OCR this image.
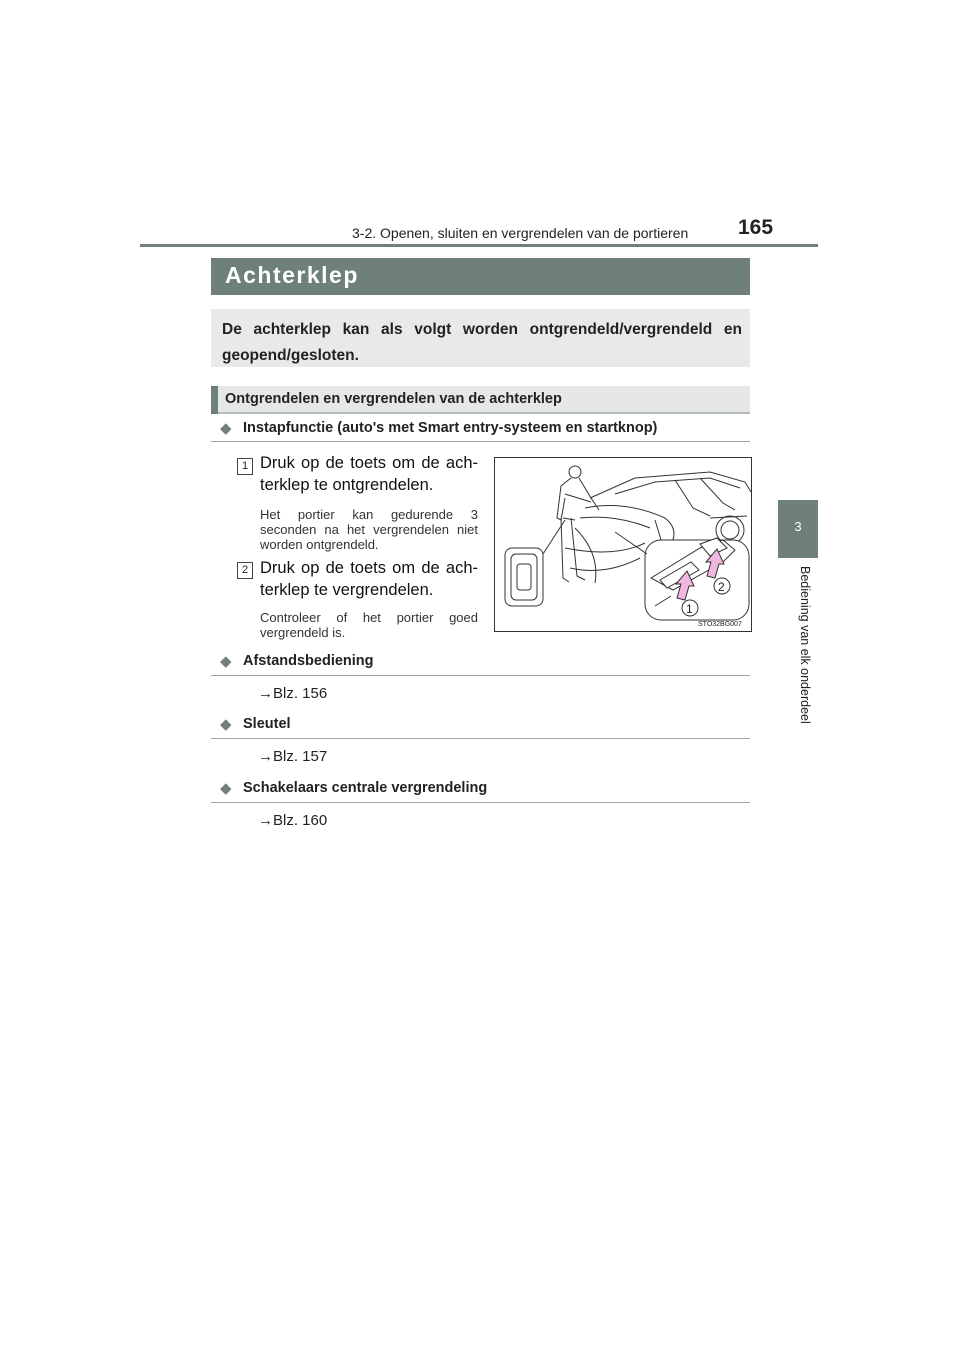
3-2. Openen, sluiten en vergrendelen van de portieren 165
3
Bediening van elk onderdeel
Achterklep
De achterklep kan als volgt worden ontgrendeld/vergrendeld en geopend/gesloten.
Ontgrendelen en vergrendelen van de achterklep
◆ Instapfunctie (auto's met Smart entry-systeem en startknop)
1 Druk op de toets om de ach-terklep te ontgrendelen.
Het portier kan gedurende 3 seconden na het vergrendelen niet worden ontgrendeld.
2 Druk op de toets om de ach-terklep te vergrendelen.
Controleer of het portier goed vergrendeld is.
1
2
STO32BG007
◆ Afstandsbediening
→Blz. 156
◆ Sleutel
→Blz. 157
◆ Schakelaars centrale vergrendeling
→Blz. 160
